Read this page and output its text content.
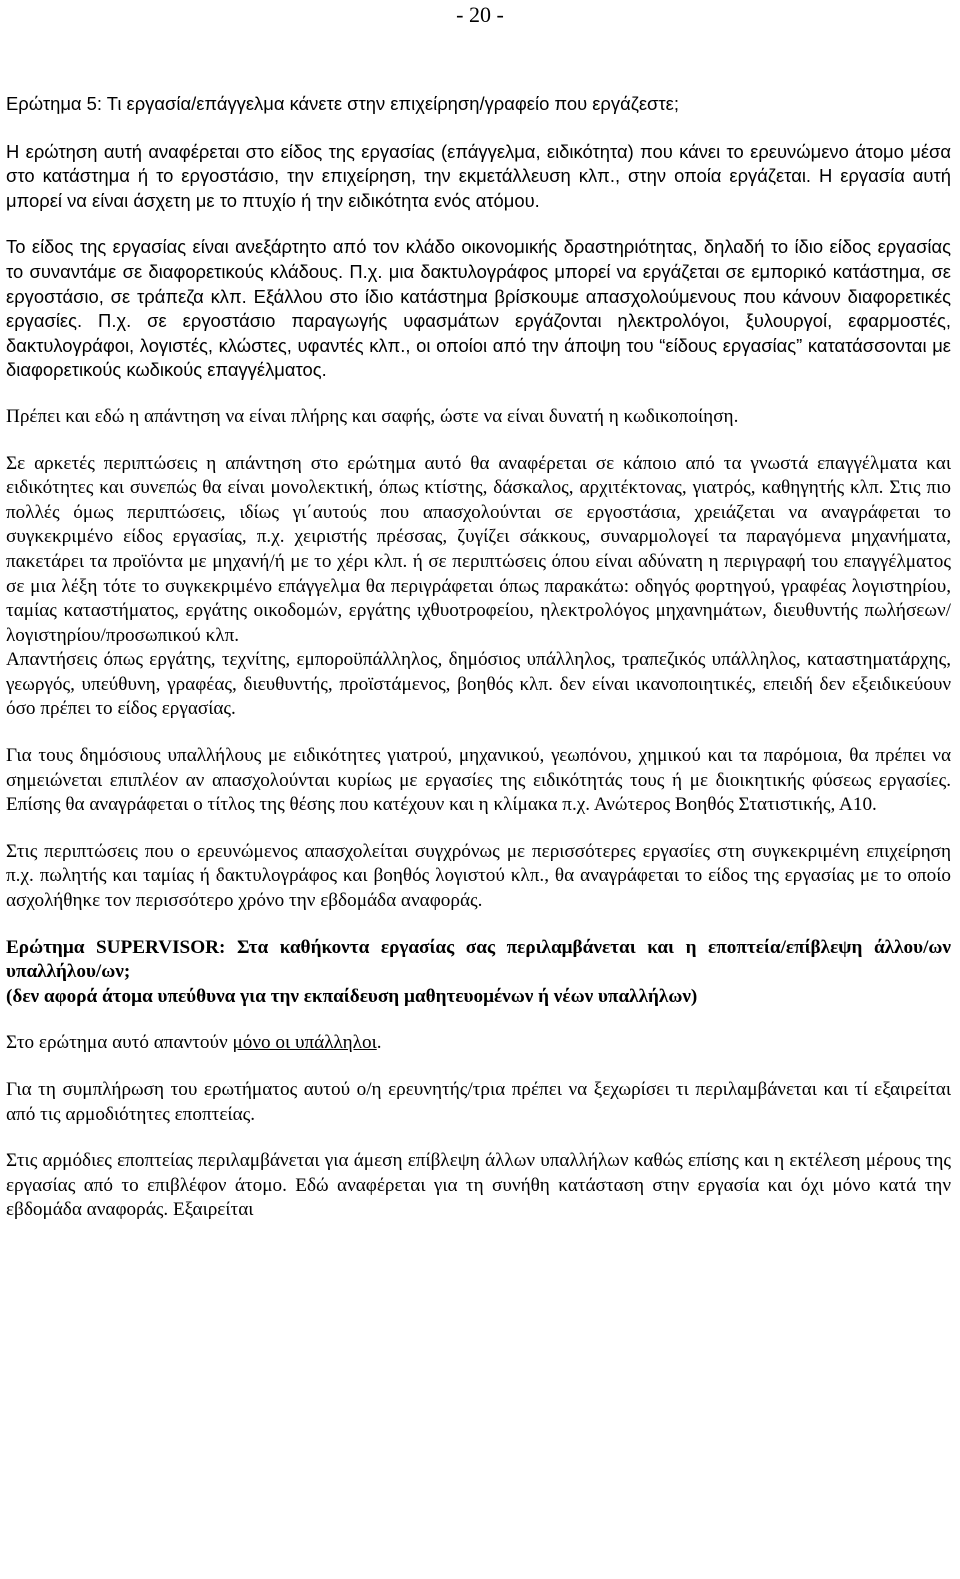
- 20 -

Ερώτημα 5: Τι εργασία/επάγγελμα κάνετε στην επιχείρηση/γραφείο που εργάζεστε;

Η ερώτηση αυτή αναφέρεται στο είδος της εργασίας (επάγγελμα, ειδικότητα) που κάνει το ερευνώμενο άτομο μέσα στο κατάστημα ή το εργοστάσιο, την επιχείρηση, την εκμετάλλευση κλπ., στην οποία εργάζεται. Η εργασία αυτή μπορεί να είναι άσχετη με το πτυχίο ή την ειδικότητα ενός ατόμου.

Το είδος της εργασίας είναι ανεξάρτητο από τον κλάδο οικονομικής δραστηριότητας, δηλαδή το ίδιο είδος εργασίας το συναντάμε σε διαφορετικούς κλάδους. Π.χ. μια δακτυλογράφος μπορεί να εργάζεται σε εμπορικό κατάστημα, σε εργοστάσιο, σε τράπεζα κλπ. Εξάλλου στο ίδιο κατάστημα βρίσκουμε απασχολούμενους που κάνουν διαφορετικές εργασίες. Π.χ. σε εργοστάσιο παραγωγής υφασμάτων εργάζονται ηλεκτρολόγοι, ξυλουργοί, εφαρμοστές, δακτυλογράφοι, λογιστές, κλώστες, υφαντές κλπ., οι οποίοι από την άποψη του “είδους εργασίας” κατατάσσονται με διαφορετικούς κωδικούς επαγγέλματος.

Πρέπει και εδώ η απάντηση να είναι πλήρης και σαφής, ώστε να είναι δυνατή η κωδικοποίηση.

Σε αρκετές περιπτώσεις η απάντηση στο ερώτημα αυτό θα αναφέρεται σε κάποιο από τα γνωστά επαγγέλματα και ειδικότητες και συνεπώς θα είναι μονολεκτική, όπως κτίστης, δάσκαλος, αρχιτέκτονας, γιατρός, καθηγητής κλπ. Στις πιο πολλές όμως περιπτώσεις, ιδίως γι΄αυτούς που απασχολούνται σε εργοστάσια, χρειάζεται να αναγράφεται το συγκεκριμένο είδος εργασίας, π.χ. χειριστής πρέσσας, ζυγίζει σάκκους, συναρμολογεί τα παραγόμενα μηχανήματα, πακετάρει τα προϊόντα με μηχανή/ή με το χέρι κλπ. ή σε περιπτώσεις όπου είναι αδύνατη η περιγραφή του επαγγέλματος σε μια λέξη τότε το συγκεκριμένο επάγγελμα θα περιγράφεται όπως παρακάτω: οδηγός φορτηγού, γραφέας λογιστηρίου, ταμίας καταστήματος, εργάτης οικοδομών, εργάτης ιχθυοτροφείου, ηλεκτρολόγος μηχανημάτων, διευθυντής πωλήσεων/λογιστηρίου/προσωπικού κλπ.

Απαντήσεις όπως εργάτης, τεχνίτης, εμποροϋπάλληλος, δημόσιος υπάλληλος, τραπεζικός υπάλληλος, καταστηματάρχης, γεωργός, υπεύθυνη, γραφέας, διευθυντής, προϊστάμενος, βοηθός κλπ. δεν είναι ικανοποιητικές, επειδή δεν εξειδικεύουν όσο πρέπει το είδος εργασίας.

Για τους δημόσιους υπαλλήλους με ειδικότητες γιατρού, μηχανικού, γεωπόνου, χημικού και τα παρόμοια, θα πρέπει να σημειώνεται επιπλέον αν απασχολούνται κυρίως με εργασίες της ειδικότητάς τους ή με διοικητικής φύσεως εργασίες. Επίσης θα αναγράφεται ο τίτλος της θέσης που κατέχουν και η κλίμακα π.χ. Ανώτερος Βοηθός Στατιστικής, Α10.

Στις περιπτώσεις που ο ερευνώμενος απασχολείται συγχρόνως με περισσότερες εργασίες στη συγκεκριμένη επιχείρηση π.χ. πωλητής και ταμίας ή δακτυλογράφος και βοηθός λογιστού κλπ., θα αναγράφεται το είδος της εργασίας με το οποίο ασχολήθηκε τον περισσότερο χρόνο την εβδομάδα αναφοράς.

Ερώτημα SUPERVISOR: Στα καθήκοντα εργασίας σας περιλαμβάνεται και η εποπτεία/επίβλεψη άλλου/ων υπαλλήλου/ων;

(δεν αφορά άτομα υπεύθυνα για την εκπαίδευση μαθητευομένων ή νέων υπαλλήλων)

Στο ερώτημα αυτό απαντούν μόνο οι υπάλληλοι.

Για τη συμπλήρωση του ερωτήματος αυτού ο/η ερευνητής/τρια πρέπει να ξεχωρίσει τι περιλαμβάνεται και τί εξαιρείται από τις αρμοδιότητες εποπτείας.

Στις αρμόδιες εποπτείας περιλαμβάνεται για άμεση επίβλεψη άλλων υπαλλήλων καθώς επίσης και η εκτέλεση μέρους της εργασίας από το επιβλέφον άτομο. Εδώ αναφέρεται για τη συνήθη κατάσταση στην εργασία και όχι μόνο κατά την εβδομάδα αναφοράς. Εξαιρείται
